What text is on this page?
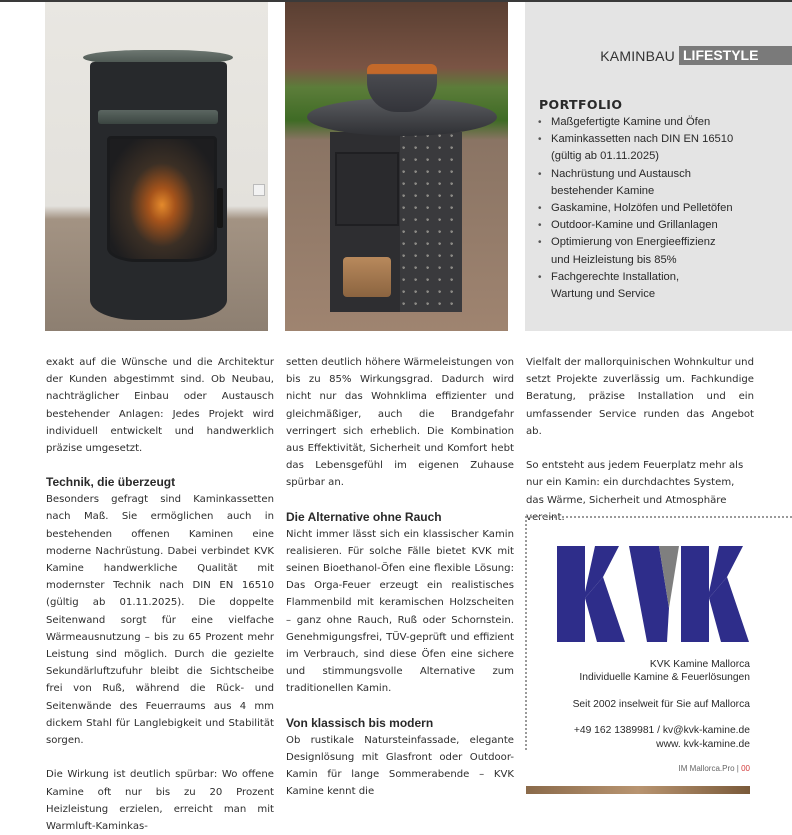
KAMINBAU LIFESTYLE
PORTFOLIO
• Maßgefertigte Kamine und Öfen
• Kaminkassetten nach DIN EN 16510
(gültig ab 01.11.2025)
• Nachrüstung und Austausch
bestehender Kamine
• Gaskamine, Holzöfen und Pelletöfen
• Outdoor-Kamine und Grillanlagen
• Optimierung von Energieeffizienz
und Heizleistung bis 85%
• Fachgerechte Installation,
Wartung und Service

exakt auf die Wünsche und die Architektur der Kunden abgestimmt sind. Ob Neubau, nachträglicher Einbau oder Austausch bestehender Anlagen: Jedes Projekt wird individuell entwickelt und handwerklich präzise umgesetzt.

Technik, die überzeugt

Besonders gefragt sind Kaminkassetten nach Maß. Sie ermöglichen auch in bestehenden offenen Kaminen eine moderne Nachrüstung. Dabei verbindet KVK Kamine handwerkliche Qualität mit modernster Technik nach DIN EN 16510 (gültig ab 01.11.2025). Die doppelte Seitenwand sorgt für eine vielfache Wärmeausnutzung – bis zu 65 Prozent mehr Leistung sind möglich. Durch die gezielte Sekundärluftzufuhr bleibt die Sichtscheibe frei von Ruß, während die Rück- und Seitenwände des Feuerraums aus 4 mm dickem Stahl für Langlebigkeit und Stabilität sorgen.

Die Wirkung ist deutlich spürbar: Wo offene Kamine oft nur bis zu 20 Prozent Heizleistung erzielen, erreicht man mit Warmluft-Kaminkas-

setten deutlich höhere Wärmeleistungen von bis zu 85% Wirkungsgrad. Dadurch wird nicht nur das Wohnklima effizienter und gleichmäßiger, auch die Brandgefahr verringert sich erheblich. Die Kombination aus Effektivität, Sicherheit und Komfort hebt das Lebensgefühl im eigenen Zuhause spürbar an.

Die Alternative ohne Rauch

Nicht immer lässt sich ein klassischer Kamin realisieren. Für solche Fälle bietet KVK mit seinen Bioethanol-Öfen eine flexible Lösung: Das Orga-Feuer erzeugt ein realistisches Flammenbild mit keramischen Holzscheiten – ganz ohne Rauch, Ruß oder Schornstein. Genehmigungsfrei, TÜV-geprüft und effizient im Verbrauch, sind diese Öfen eine sichere und stimmungsvolle Alternative zum traditionellen Kamin.

Von klassisch bis modern

Ob rustikale Natursteinfassade, elegante Designlösung mit Glasfront oder Outdoor-Kamin für lange Sommerabende – KVK Kamine kennt die

Vielfalt der mallorquinischen Wohnkultur und setzt Projekte zuverlässig um. Fachkundige Beratung, präzise Installation und ein umfassender Service runden das Angebot ab.

So entsteht aus jedem Feuerplatz mehr als nur ein Kamin: ein durchdachtes System, das Wärme, Sicherheit und Atmosphäre vereint.

KVK Kamine Mallorca
Individuelle Kamine & Feuerlösungen
Seit 2002 inselweit für Sie auf Mallorca
+49 162 1389981 / kv@kvk-kamine.de
www. kvk-kamine.de
IM Mallorca.Pro | 00
